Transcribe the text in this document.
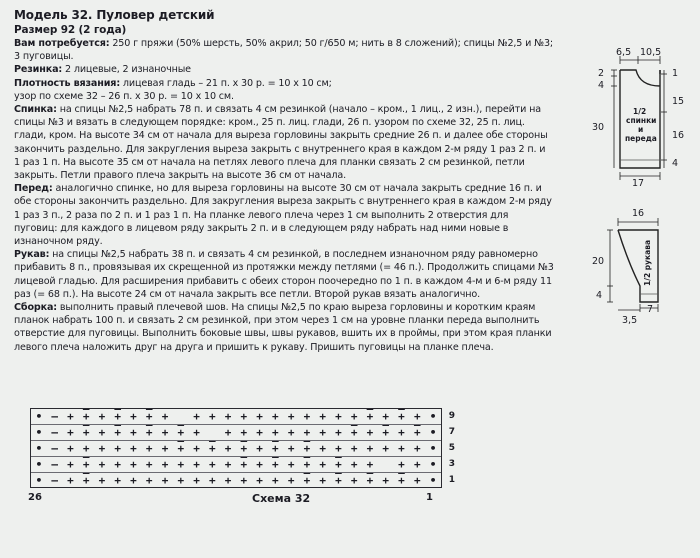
Модель 32. Пуловер детский
Размер 92 (2 года)
Вам потребуется: 250 г пряжи (50% шерсть, 50% акрил; 50 г/650 м; нить в 8 сложений); спицы №2,5 и №3; 3 пуговицы.
Резинка: 2 лицевые, 2 изнаночные
Плотность вязания: лицевая гладь – 21 п. х 30 р. = 10 х 10 см;
узор по схеме 32 – 26 п. х 30 р. = 10 х 10 см.
Спинка: на спицы №2,5 набрать 78 п. и связать 4 см резинкой (начало – кром., 1 лиц., 2 изн.), перейти на спицы №3 и вязать в следующем порядке: кром., 25 п. лиц. глади, 26 п. узором по схеме 32, 25 п. лиц. глади, кром. На высоте 34 см от начала для выреза горловины закрыть средние 26 п. и далее обе стороны закончить раздельно. Для закругления выреза закрыть с внутреннего края в каждом 2-м ряду 1 раз 2 п. и 1 раз 1 п. На высоте 35 см от начала на петлях левого плеча для планки связать 2 см резинкой, петли закрыть. Петли правого плеча закрыть на высоте 36 см от начала.
Перед: аналогично спинке, но для выреза горловины на высоте 30 см от начала закрыть средние 16 п. и обе стороны закончить раздельно. Для закругления выреза закрыть с внутреннего края в каждом 2-м ряду 1 раз 3 п., 2 раза по 2 п. и 1 раз 1 п. На планке левого плеча через 1 см выполнить 2 отверстия для пуговиц: для каждого в лицевом ряду закрыть 2 п. и в следующем ряду набрать над ними новые в изнаночном ряду.
Рукав: на спицы №2,5 набрать 38 п. и связать 4 см резинкой, в последнем изнаночном ряду равномерно прибавить 8 п., провязывая их скрещенной из протяжки между петлями (= 46 п.). Продолжить спицами №3 лицевой гладью. Для расширения прибавить с обеих сторон поочередно по 1 п. в каждом 4-м и 6-м ряду 11 раз (= 68 п.). На высоте 24 см от начала закрыть все петли. Второй рукав вязать аналогично.
Сборка: выполнить правый плечевой шов. На спицы №2,5 по краю выреза горловины и коротким краям планок набрать 100 п. и связать 2 см резинкой, при этом через 1 см на уровне планки переда выполнить отверстие для пуговицы. Выполнить боковые швы, швы рукавов, вшить их в проймы, при этом края планки левого плеча наложить друг на друга и пришить к рукаву. Пришить пуговицы на планке плеча.
6,5 10,5
1
15
16
4
2
4
30
1/2
спинки
и
переда
17
16
20
4
1/2 рукава
7
3,5
• – + + + + + + +	+ + + + + + + + + + + + + + + •	9
• – + + + + + + + + +	+ + + + + + + + + + + + + •	7
• – + + + + + + + + + + + + + + + + + + + + + + + •	5
• – + + + + + + + + + + + + + + + + + + + +	+ + •	3
• – + + + + + + + + + + + + + + + + + + + + + + + •	1
26	Схема 32	1
